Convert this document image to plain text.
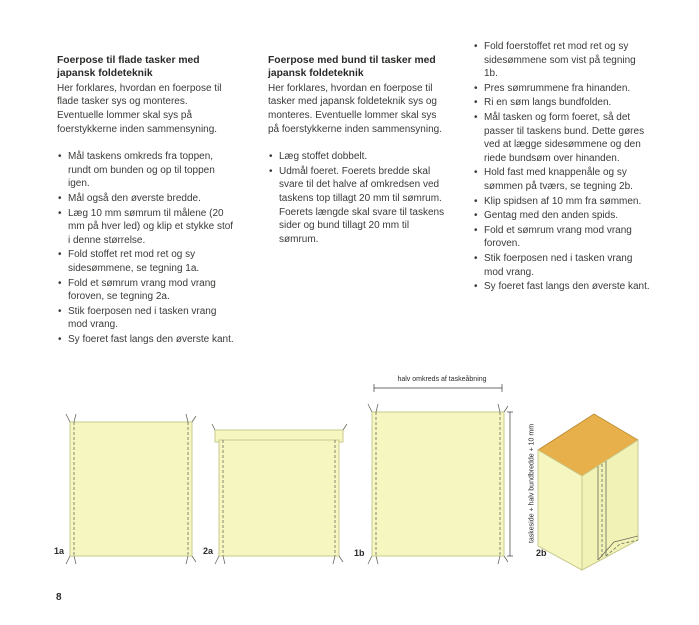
Foerpose til flade tasker med japansk foldeteknik
Her forklares, hvordan en foerpose til flade tasker sys og monteres. Eventuelle lommer skal sys på foerstykkerne inden sammensyning.
• Mål taskens omkreds fra toppen, rundt om bunden og op til toppen igen.
• Mål også den øverste bredde.
• Læg 10 mm sømrum til målene (20 mm på hver led) og klip et stykke stof i denne størrelse.
• Fold stoffet ret mod ret og sy sidesømmene, se tegning 1a.
• Fold et sømrum vrang mod vrang forοven, se tegning 2a.
• Stik foerposen ned i tasken vrang mod vrang.
• Sy foeret fast langs den øverste kant.
Foerpose med bund til tasker med japansk foldeteknik
Her forklares, hvordan en foerpose til tasker med japansk foldeteknik sys og monteres. Eventuelle lommer skal sys på foerstykkerne inden sammensyning.
• Læg stoffet dobbelt.
• Udmål foeret. Foerets bredde skal svare til det halve af omkredsen ved taskens top tillagt 20 mm til sømrum. Foerets længde skal svare til taskens sider og bund tillagt 20 mm til sømrum.
• Fold foerstoffet ret mod ret og sy sidesømmene som vist på tegning 1b.
• Pres sømrummene fra hinanden.
• Ri en søm langs bundfolden.
• Mål tasken og form foeret, så det passer til taskens bund. Dette gøres ved at lægge sidesømmene og den riede bundsøm over hinanden.
• Hold fast med knappenåle og sy sømmen på tværs, se tegning 2b.
• Klip spidsen af 10 mm fra sømmen.
• Gentag med den anden spids.
• Fold et sømrum vrang mod vrang forοven.
• Stik foerposen ned i tasken vrang mod vrang.
• Sy foeret fast langs den øverste kant.
1a	2a
halv omkreds af taskeåbning
1b
taskeside + halv bundbredde + 10 mm
2b
8
